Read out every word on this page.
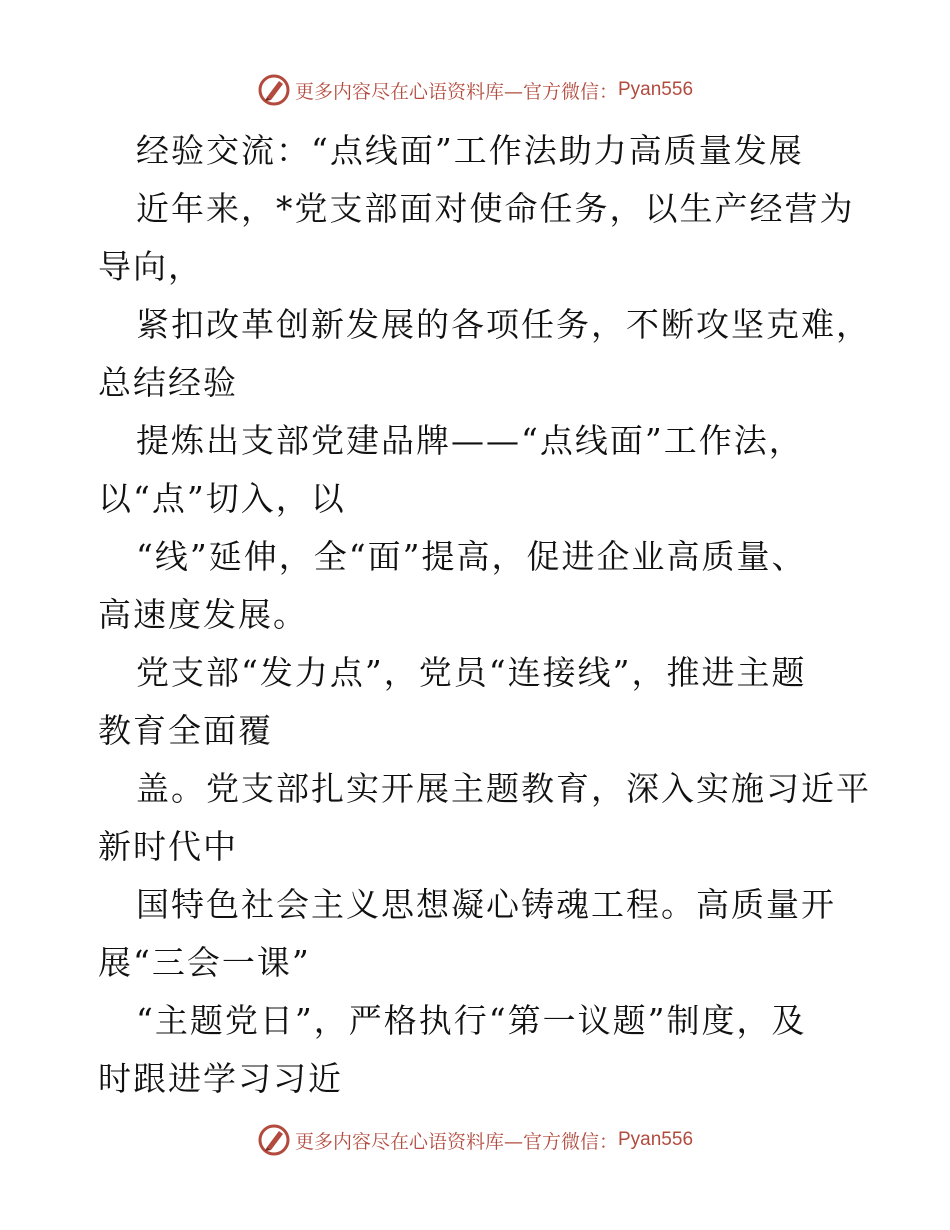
更多内容尽在心语资料库—官方微信： Pyan556

经验交流：“点线面”工作法助力高质量发展

近年来，*党支部面对使命任务，以生产经营为

导向，

紧扣改革创新发展的各项任务，不断攻坚克难，

总结经验

提炼出支部党建品牌——“点线面”工作法，

以“点”切入，以

“线”延伸，全“面”提高，促进企业高质量、

高速度发展。

党支部“发力点”，党员“连接线”，推进主题

教育全面覆

盖。党支部扎实开展主题教育，深入实施习近平

新时代中

国特色社会主义思想凝心铸魂工程。高质量开

展“三会一课”

“主题党日”，严格执行“第一议题”制度，及

时跟进学习习近

更多内容尽在心语资料库—官方微信： Pyan556
